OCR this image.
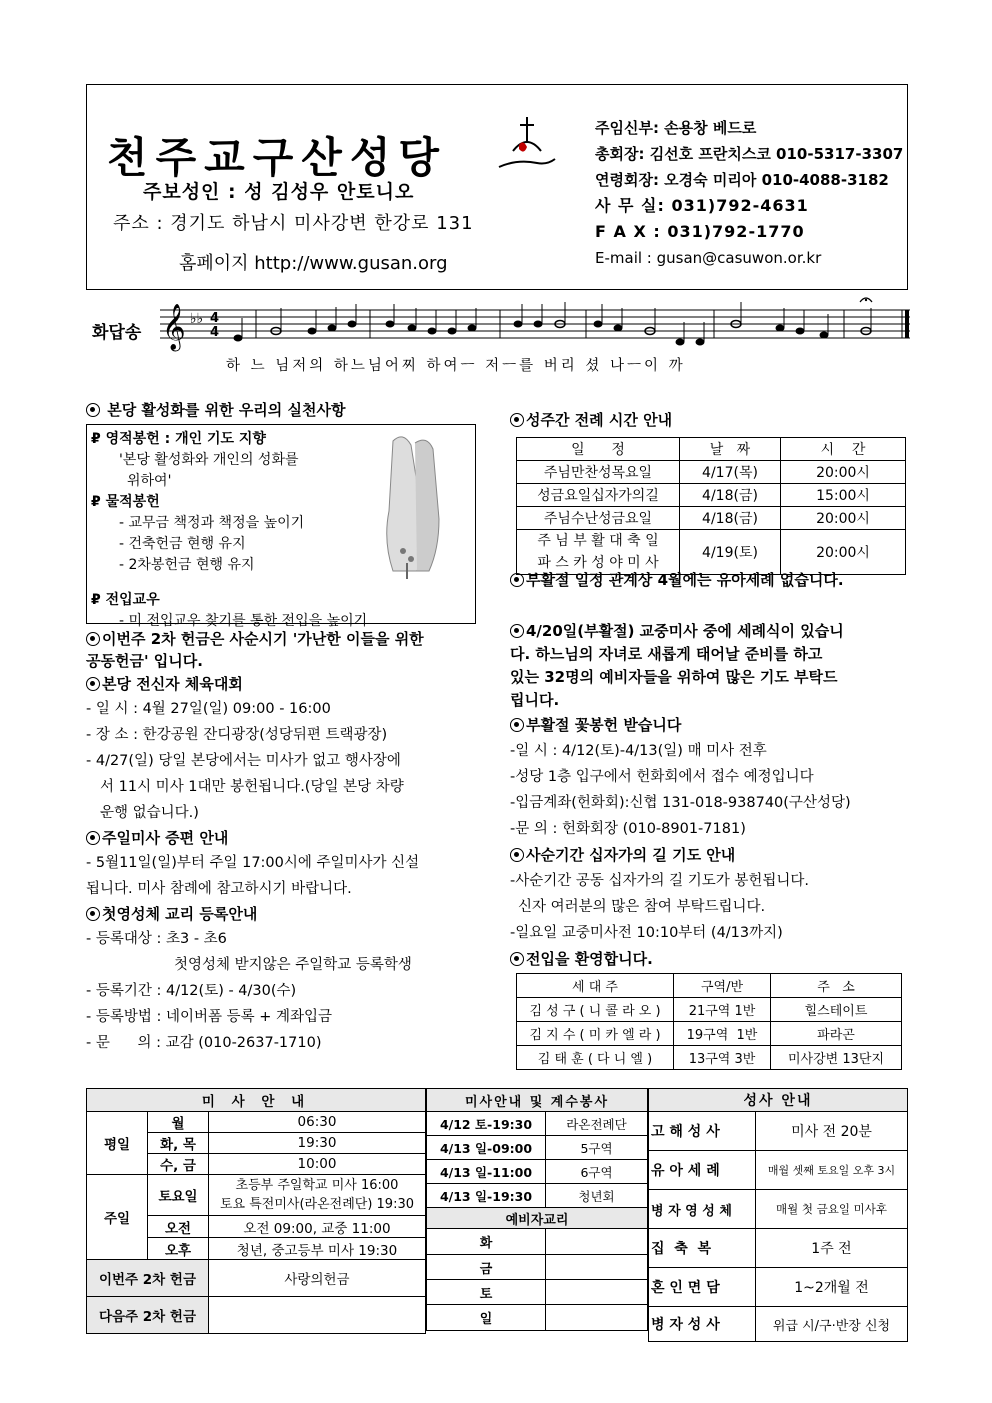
천주교구산성당
주보성인 : 성 김성우 안토니오
주소 : 경기도 하남시 미사강변 한강로 131
홈페이지 http://www.gusan.org
주임신부: 손용창 베드로
총회장: 김선호 프란치스코 010-5317-3307
연령회장: 오경숙 미리아 010-4088-3182
사 무 실: 031)792-4631
F A X : 031)792-1770
E-mail : gusan@casuwon.or.kr
화답송 𝄞 ♭♭ 4
4
하 느 님저의 하느님어찌 하여ㅡ 저ㅡ를 버리 셨 나ㅡ이 까
본당 활성화를 위한 우리의 실천사항
₽ 영적봉헌 : 개인 기도 지향
'본당 활성화와 개인의 성화를
위하여'
₽ 물적봉헌
- 교무금 책정과 책정을 높이기
- 건축헌금 현행 유지
- 2차봉헌금 현행 유지
₽ 전입교우
- 미 전입교우 찾기를 통한 전입을 높이기
이번주 2차 헌금은 사순시기 '가난한 이들을 위한
공동헌금' 입니다.
본당 전신자 체육대회
- 일 시 : 4월 27일(일) 09:00 - 16:00
- 장 소 : 한강공원 잔디광장(성당뒤편 트랙광장)
- 4/27(일) 당일 본당에서는 미사가 없고 행사장에
서 11시 미사 1대만 봉헌됩니다.(당일 본당 차량
운행 없습니다.)
주일미사 증편 안내
- 5월11일(일)부터 주일 17:00시에 주일미사가 신설
됩니다. 미사 참례에 참고하시기 바랍니다.
첫영성체 교리 등록안내
- 등록대상 : 초3 - 초6
첫영성체 받지않은 주일학교 등록학생
- 등록기간 : 4/12(토) - 4/30(수)
- 등록방법 : 네이버폼 등록 + 계좌입금
- 문      의 : 교감 (010-2637-1710)
성주간 전례 시간 안내
일      정	날   짜	시    간
주님만찬성목요일	4/17(목)	20:00시
성금요일십자가의길	4/18(금)	15:00시
주님수난성금요일	4/18(금)	20:00시

주 님 부 활 대 축 일
파 스 카 성 야 미 사	4/19(토)	20:00시
부활절 일정 관계상 4월에는 유아세례 없습니다.
4/20일(부활절) 교중미사 중에 세례식이 있습니
다. 하느님의 자녀로 새롭게 태어날 준비를 하고
있는 32명의 예비자들을 위하여 많은 기도 부탁드
립니다.
부활절 꽃봉헌 받습니다
-일 시 : 4/12(토)-4/13(일) 매 미사 전후
-성당 1층 입구에서 헌화회에서 접수 예정입니다
-입금계좌(헌화회):신협 131-018-938740(구산성당)
-문 의 : 헌화회장 (010-8901-7181)
사순기간 십자가의 길 기도 안내
-사순기간 공동 십자가의 길 기도가 봉헌됩니다.
신자 여러분의 많은 참여 부탁드립니다.
-일요일 교중미사전 10:10부터 (4/13까지)
전입을 환영합니다.
세 대 주	구역/반	주   소
김 성 구 ( 니 콜 라 오 )	21구역 1반	힐스테이트
김 지 수 ( 미 카 엘 라 )	19구역  1반	파라곤
김 태 훈 ( 다 니 엘 )	13구역 3반	미사강변 13단지
미 사 안 내		
평일	월	06:30
	화, 목	19:30
	수, 금	10:00
주일	토요일	초등부 주일학교 미사 16:00
토요 특전미사(라온전례단) 19:30

	오전	오전 09:00, 교중 11:00
	오후	청년, 중고등부 미사 19:30
이번주 2차 헌금		사랑의헌금
다음주 2차 헌금		
미사안내 및 계수봉사	
4/12 토-19:30	라온전례단
4/13 일-09:00	5구역
4/13 일-11:00	6구역
4/13 일-19:30	청년회
예비자교리	
화	
금	
토	
일	
성사 안내	
고 해 성 사	미사 전 20분
유 아 세 례	매월 셋째 토요일 오후 3시
병 자 영 성 체	매월 첫 금요일 미사후
집  축  복	1주 전
혼 인 면 담	1~2개월 전
병 자 성 사	위급 시/구·반장 신청
